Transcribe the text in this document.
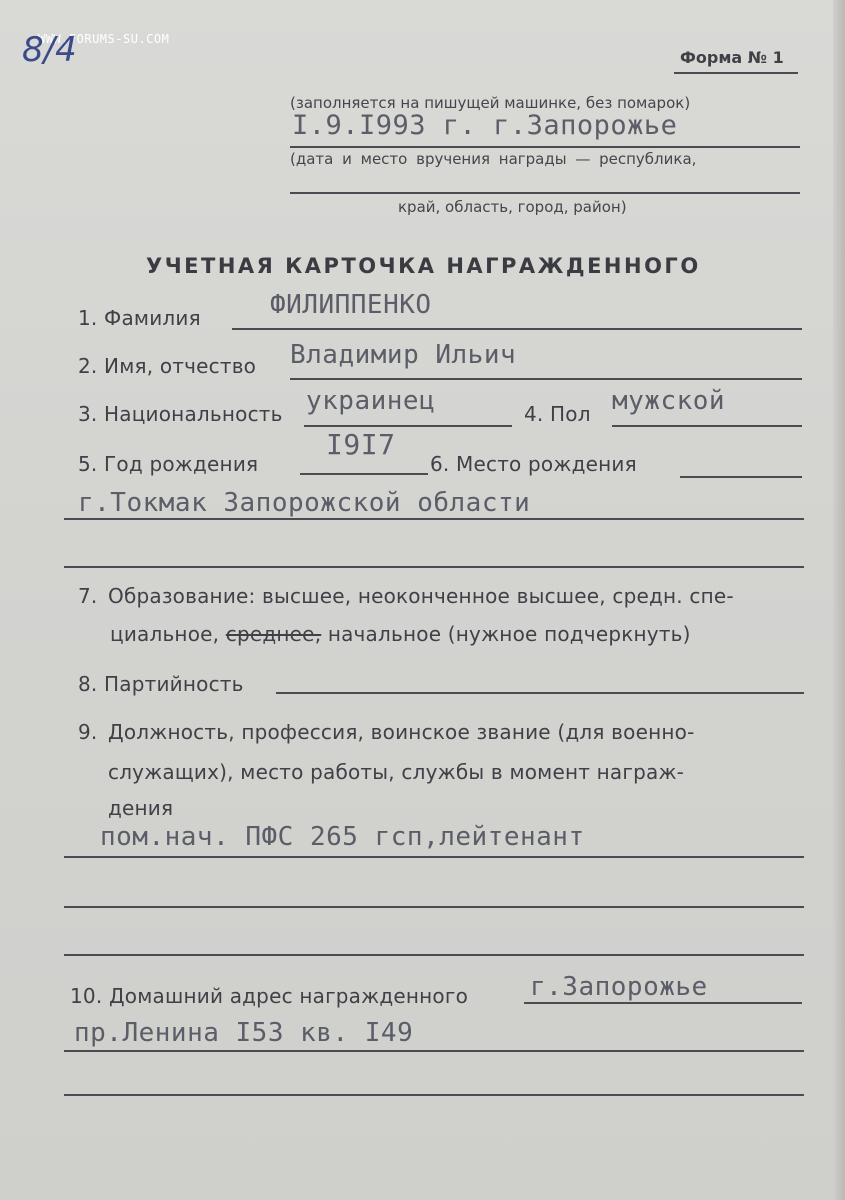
WWW.FORUMS-SU.COM
8/4	Форма № 1
(заполняется на пишущей машинке, без помарок)
I.9.I993 г. г.Запорожье
(дата и место вручения награды — республика,
край, область, город, район)
УЧЕТНАЯ КАРТОЧКА НАГРАЖДЕННОГО
1. Фамилия	ФИЛИППЕНКО
2. Имя, отчество Владимир Ильич
3. Национальность украинец	4. Пол мужской
5. Год рождения
I9I7
6. Место рождения
г.Токмак Запорожской области
7. Образование: высшее, неоконченное высшее, средн. спе-
циальное, среднее, начальное (нужное подчеркнуть)
8. Партийность
9. Должность, профессия, воинское звание (для военно-
служащих), место работы, службы в момент награж-
дения
пом.нач. ПФС 265 гсп,лейтенант
10. Домашний адрес награжденного г.Запорожье
пр.Ленина I53 кв. I49
